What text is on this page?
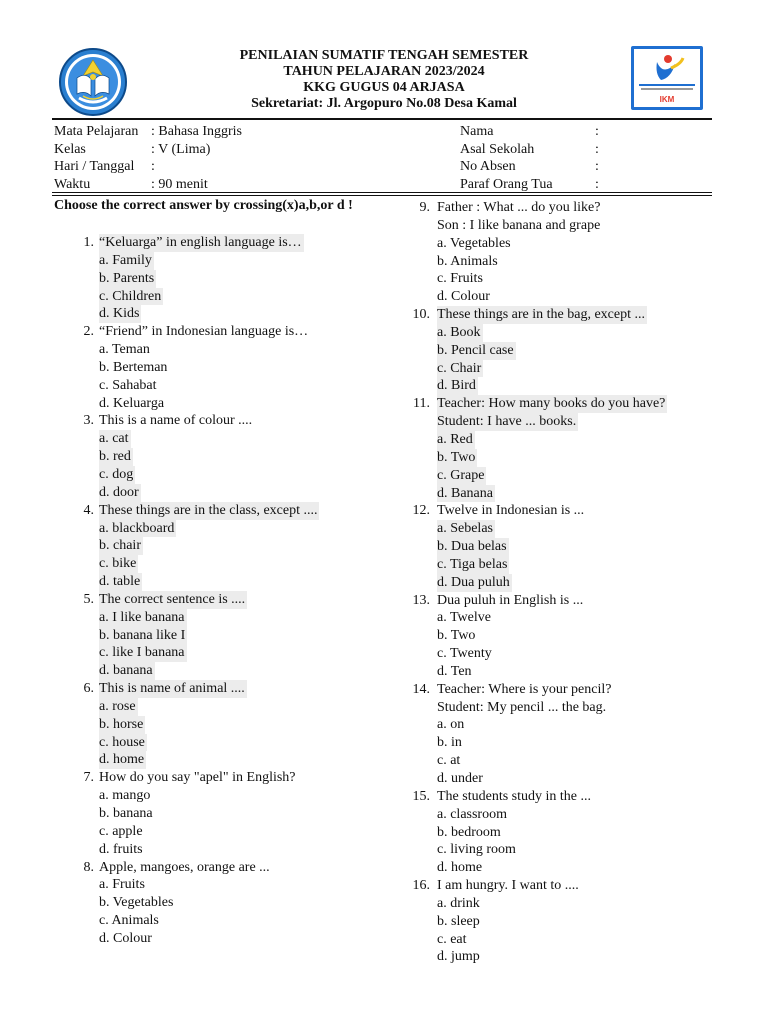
PENILAIAN SUMATIF TENGAH SEMESTER
TAHUN PELAJARAN 2023/2024
KKG GUGUS 04 ARJASA
Sekretariat: Jl. Argopuro No.08 Desa Kamal	IKM
Mata Pelajaran : Bahasa Inggris
Kelas	: V (Lima)
Hari / Tanggal :
Waktu	: 90 menit
Nama	:
Asal Sekolah	:
No Absen	:
Paraf Orang Tua	:
Choose the correct answer by crossing(x)a,b,or d !
1. “Keluarga” in english language is…
a. Family
b. Parents
c. Children
d. Kids
2. “Friend” in Indonesian language is…
a. Teman
b. Berteman
c. Sahabat
d. Keluarga
3. This is a name of colour ....
a. cat
b. red
c. dog
d. door
4. These things are in the class, except ....
a. blackboard
b. chair
c. bike
d. table
5. The correct sentence is ....
a. I like banana
b. banana like I
c. like I banana
d. banana
6. This is name of animal ....
a. rose
b. horse
c. house
d. home
7. How do you say "apel" in English?
a. mango
b. banana
c. apple
d. fruits
8. Apple, mangoes, orange are ...
a. Fruits
b. Vegetables
c. Animals
d. Colour
9. Father : What ... do you like?
Son : I like banana and grape
a. Vegetables
b. Animals
c. Fruits
d. Colour
10. These things are in the bag, except ...
a. Book
b. Pencil case
c. Chair
d. Bird
11. Teacher: How many books do you have?
Student: I have ... books.
a. Red
b. Two
c. Grape
d. Banana
12. Twelve in Indonesian is ...
a. Sebelas
b. Dua belas
c. Tiga belas
d. Dua puluh
13. Dua puluh in English is ...
a. Twelve
b. Two
c. Twenty
d. Ten
14. Teacher: Where is your pencil?
Student: My pencil ... the bag.
a. on
b. in
c. at
d. under
15. The students study in the ...
a. classroom
b. bedroom
c. living room
d. home
16. I am hungry. I want to ....
a. drink
b. sleep
c. eat
d. jump
